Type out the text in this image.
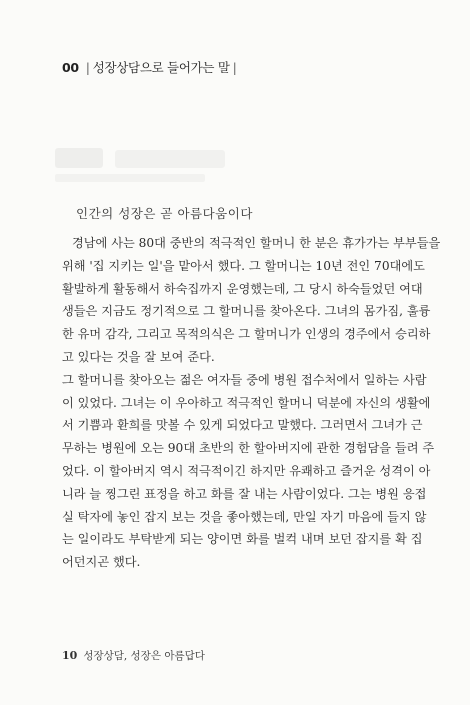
00 | 성장상담으로 들어가는 말 |
인간의 성장은 곧 아름다움이다
경남에 사는 80대 중반의 적극적인 할머니 한 분은 휴가가는 부부들을
위해 '집 지키는 일'을 맡아서 했다. 그 할머니는 10년 전인 70대에도
활발하게 활동해서 하숙집까지 운영했는데, 그 당시 하숙들었던 여대
생들은 지금도 정기적으로 그 할머니를 찾아온다. 그녀의 몸가짐, 훌륭
한 유머 감각, 그리고 목적의식은 그 할머니가 인생의 경주에서 승리하
고 있다는 것을 잘 보여 준다.
그 할머니를 찾아오는 젊은 여자들 중에 병원 접수처에서 일하는 사람
이 있었다. 그녀는 이 우아하고 적극적인 할머니 덕분에 자신의 생활에
서 기쁨과 환희를 맛볼 수 있게 되었다고 말했다. 그러면서 그녀가 근
무하는 병원에 오는 90대 초반의 한 할아버지에 관한 경험담을 들려 주
었다. 이 할아버지 역시 적극적이긴 하지만 유쾌하고 즐거운 성격이 아
니라 늘 찡그린 표정을 하고 화를 잘 내는 사람이었다. 그는 병원 응접
실 탁자에 놓인 잡지 보는 것을 좋아했는데, 만일 자기 마음에 들지 않
는 일이라도 부탁받게 되는 양이면 화를 벌컥 내며 보던 잡지를 확 집
어던지곤 했다.
10 성장상담, 성장은 아름답다
